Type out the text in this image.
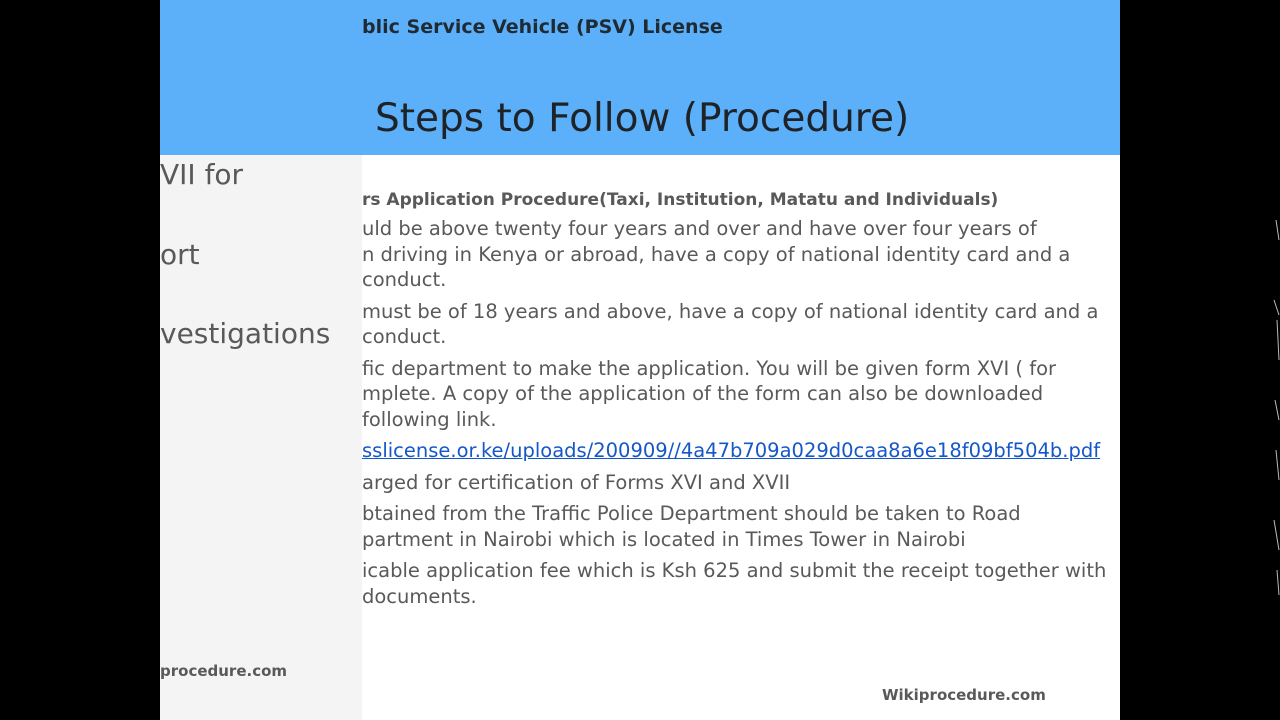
VII for

ort

vestigations

procedure.com

blic Service Vehicle (PSV) License

Steps to Follow (Procedure)

rs Application Procedure(Taxi, Institution, Matatu and Individuals)

uld be above twenty four years and over and have over four years of
n driving in Kenya or abroad, have a copy of national identity card and a
conduct.
must be of 18 years and above, have a copy of national identity card and a
conduct.
fic department to make the application. You will be given form XVI ( for
mplete. A copy of the application of the form can also be downloaded
following link.
sslicense.or.ke/uploads/200909//4a47b709a029d0caa8a6e18f09bf504b.pdf
arged for certification of Forms XVI and XVII
btained from the Traffic Police Department should be taken to Road
partment in Nairobi which is located in Times Tower in Nairobi
icable application fee which is Ksh 625 and submit the receipt together with
documents.
Wikiprocedure.com
